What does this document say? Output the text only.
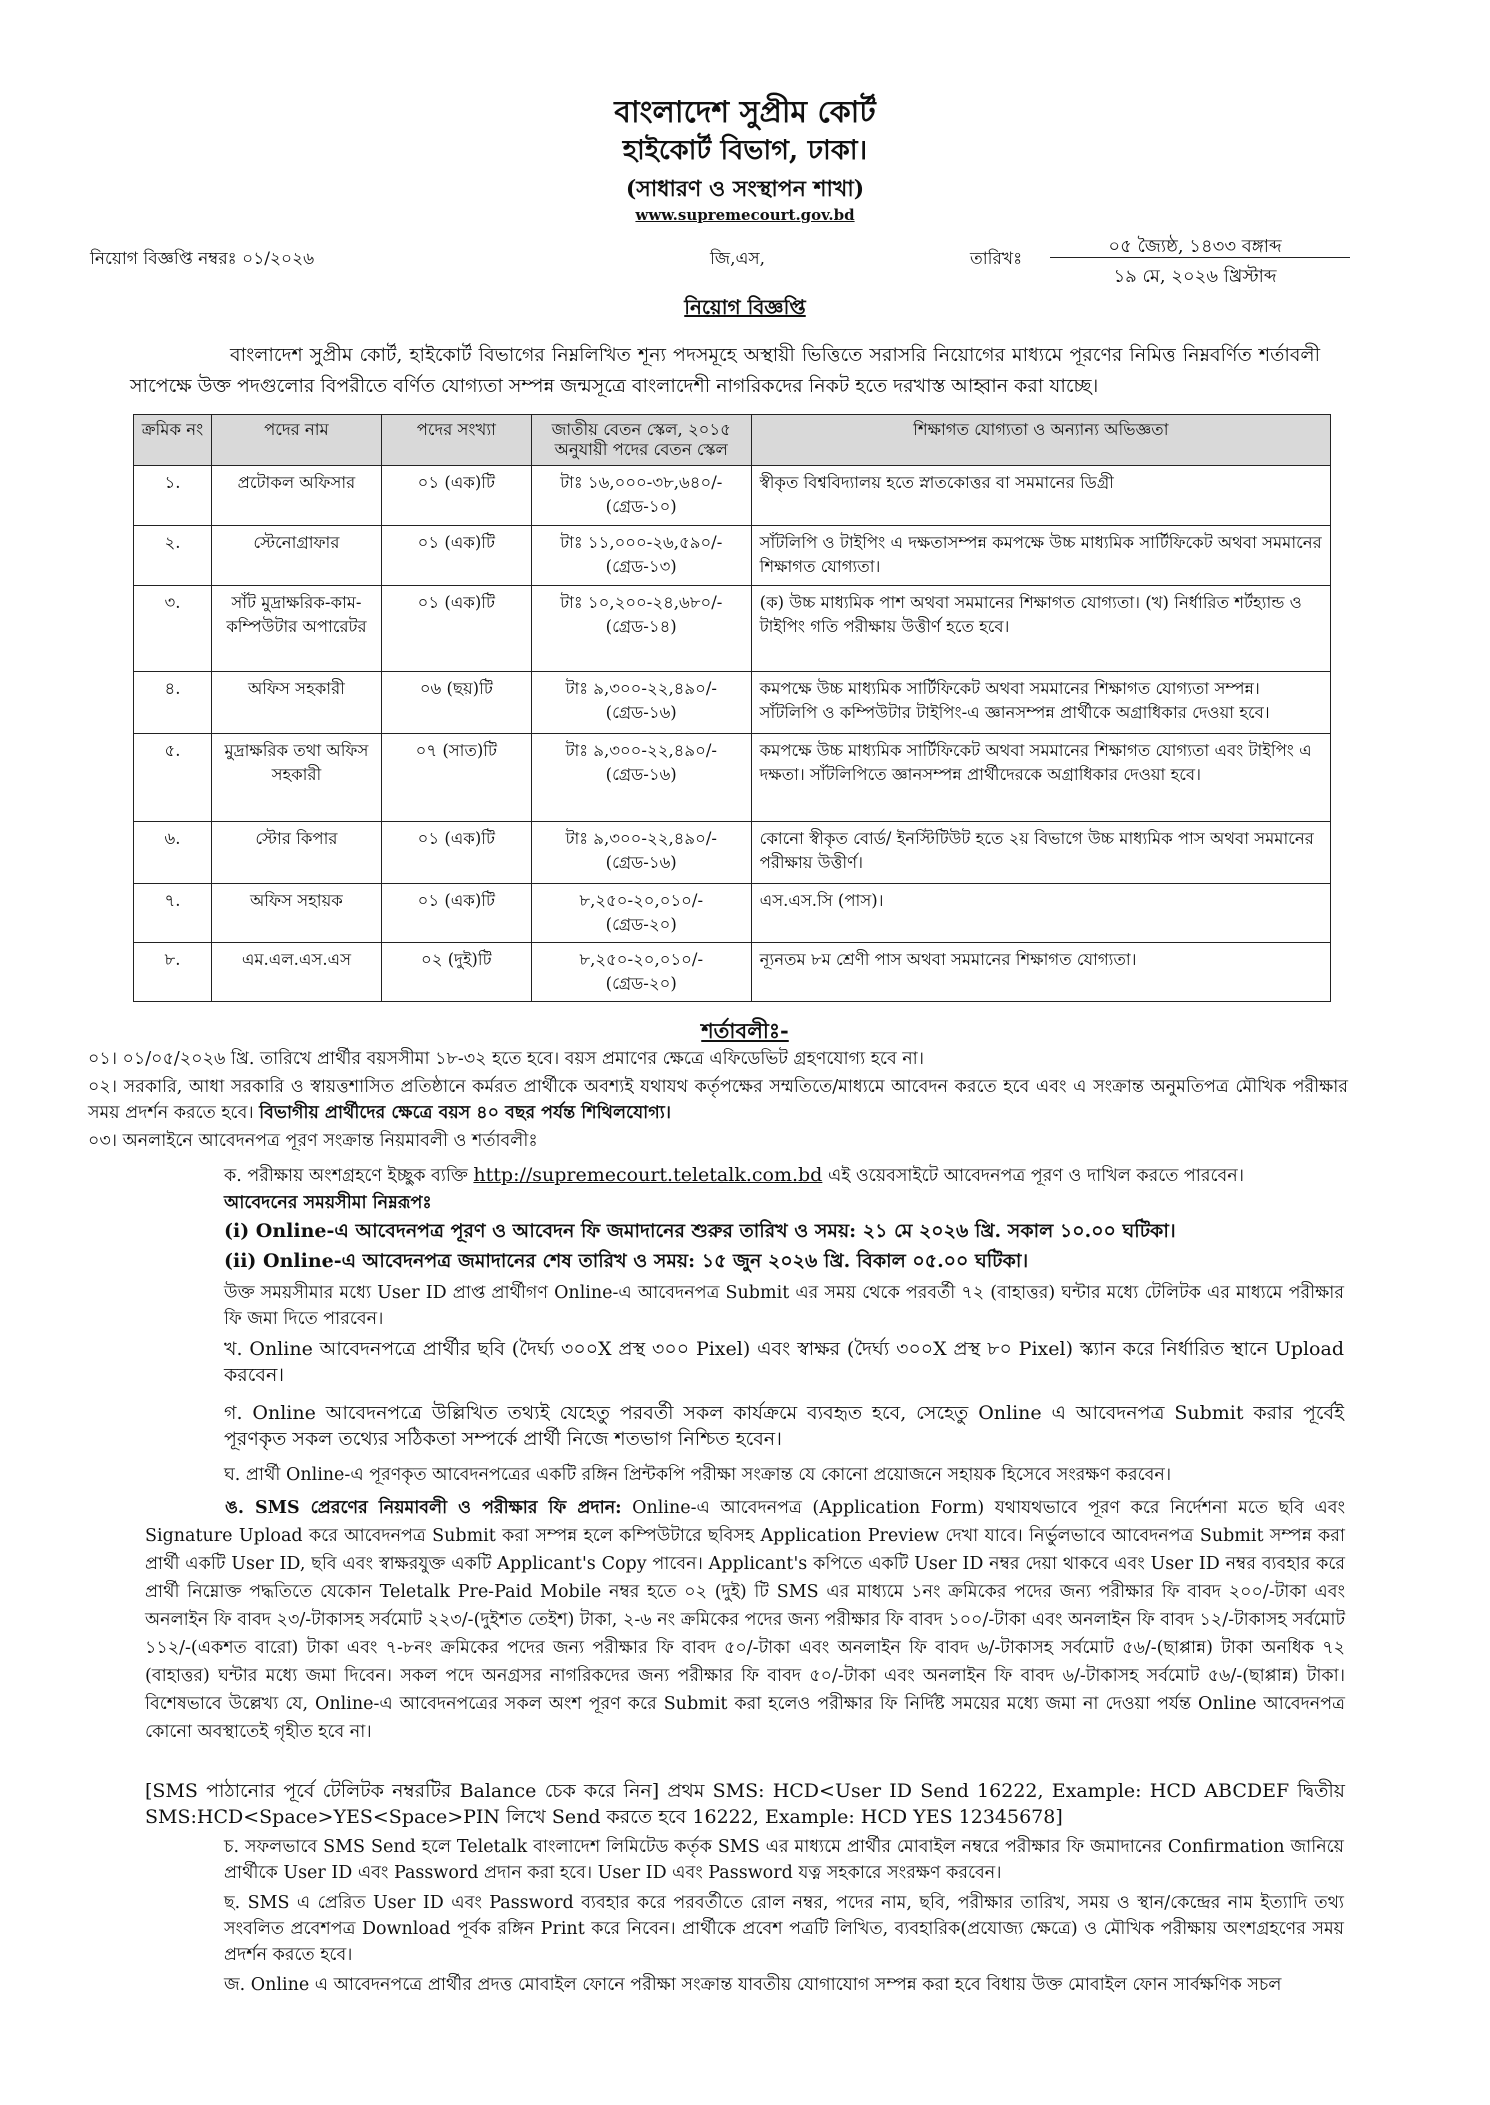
বাংলাদেশ সুপ্রীম কোর্ট
হাইকোর্ট বিভাগ, ঢাকা।
(সাধারণ ও সংস্থাপন শাখা)
www.supremecourt.gov.bd
নিয়োগ বিজ্ঞপ্তি নম্বরঃ ০১/২০২৬	জি,এস,	তারিখঃ
০৫ জ্যৈষ্ঠ, ১৪৩৩ বঙ্গাব্দ
১৯ মে, ২০২৬ খ্রিস্টাব্দ
নিয়োগ বিজ্ঞপ্তি
বাংলাদেশ সুপ্রীম কোর্ট, হাইকোর্ট বিভাগের নিম্নলিখিত শূন্য পদসমূহে অস্থায়ী ভিত্তিতে সরাসরি নিয়োগের মাধ্যমে পূরণের নিমিত্ত নিম্নবর্ণিত শর্তাবলী সাপেক্ষে উক্ত পদগুলোর বিপরীতে বর্ণিত যোগ্যতা সম্পন্ন জন্মসূত্রে বাংলাদেশী নাগরিকদের নিকট হতে দরখাস্ত আহ্বান করা যাচ্ছে।
ক্রমিক নং	পদের নাম	পদের সংখ্যা	জাতীয় বেতন স্কেল, ২০১৫
অনুযায়ী পদের বেতন স্কেল	শিক্ষাগত যোগ্যতা ও অন্যান্য অভিজ্ঞতা
১.	প্রটোকল অফিসার	০১ (এক)টি	টাঃ ১৬,০০০-৩৮,৬৪০/-
(গ্রেড-১০)	স্বীকৃত বিশ্ববিদ্যালয় হতে স্নাতকোত্তর বা সমমানের ডিগ্রী
২.	স্টেনোগ্রাফার	০১ (এক)টি	টাঃ ১১,০০০-২৬,৫৯০/-
(গ্রেড-১৩)	সাঁটলিপি ও টাইপিং এ দক্ষতাসম্পন্ন কমপক্ষে উচ্চ মাধ্যমিক সার্টিফিকেট অথবা সমমানের শিক্ষাগত যোগ্যতা।
৩.	সাঁট মুদ্রাক্ষরিক-কাম-কম্পিউটার অপারেটর	০১ (এক)টি	টাঃ ১০,২০০-২৪,৬৮০/-
(গ্রেড-১৪)	(ক) উচ্চ মাধ্যমিক পাশ অথবা সমমানের শিক্ষাগত যোগ্যতা। (খ) নির্ধারিত শর্টহ্যান্ড ও টাইপিং গতি পরীক্ষায় উত্তীর্ণ হতে হবে।
৪.	অফিস সহকারী	০৬ (ছয়)টি	টাঃ ৯,৩০০-২২,৪৯০/-
(গ্রেড-১৬)	কমপক্ষে উচ্চ মাধ্যমিক সার্টিফিকেট অথবা সমমানের শিক্ষাগত যোগ্যতা সম্পন্ন। সাঁটলিপি ও কম্পিউটার টাইপিং-এ জ্ঞানসম্পন্ন প্রার্থীকে অগ্রাধিকার দেওয়া হবে।
৫.	মুদ্রাক্ষরিক তথা অফিস সহকারী	০৭ (সাত)টি	টাঃ ৯,৩০০-২২,৪৯০/-
(গ্রেড-১৬)	কমপক্ষে উচ্চ মাধ্যমিক সার্টিফিকেট অথবা সমমানের শিক্ষাগত যোগ্যতা এবং টাইপিং এ দক্ষতা। সাঁটলিপিতে জ্ঞানসম্পন্ন প্রার্থীদেরকে অগ্রাধিকার দেওয়া হবে।
৬.	স্টোর কিপার	০১ (এক)টি	টাঃ ৯,৩০০-২২,৪৯০/-
(গ্রেড-১৬)	কোনো স্বীকৃত বোর্ড/ ইনস্টিটিউট হতে ২য় বিভাগে উচ্চ মাধ্যমিক পাস অথবা সমমানের পরীক্ষায় উত্তীর্ণ।
৭.	অফিস সহায়ক	০১ (এক)টি	৮,২৫০-২০,০১০/-
(গ্রেড-২০)	এস.এস.সি (পাস)।
৮.	এম.এল.এস.এস	০২ (দুই)টি	৮,২৫০-২০,০১০/-
(গ্রেড-২০)	ন্যূনতম ৮ম শ্রেণী পাস অথবা সমমানের শিক্ষাগত যোগ্যতা।
শর্তাবলীঃ-
০১। ০১/০৫/২০২৬ খ্রি. তারিখে প্রার্থীর বয়সসীমা ১৮-৩২ হতে হবে। বয়স প্রমাণের ক্ষেত্রে এফিডেভিট গ্রহণযোগ্য হবে না।
০২। সরকারি, আধা সরকারি ও স্বায়ত্তশাসিত প্রতিষ্ঠানে কর্মরত প্রার্থীকে অবশ্যই যথাযথ কর্তৃপক্ষের সম্মতিতে/মাধ্যমে আবেদন করতে হবে এবং এ সংক্রান্ত অনুমতিপত্র মৌখিক পরীক্ষার সময় প্রদর্শন করতে হবে। বিভাগীয় প্রার্থীদের ক্ষেত্রে বয়স ৪০ বছর পর্যন্ত শিথিলযোগ্য।
০৩। অনলাইনে আবেদনপত্র পূরণ সংক্রান্ত নিয়মাবলী ও শর্তাবলীঃ
ক. পরীক্ষায় অংশগ্রহণে ইচ্ছুক ব্যক্তি http://supremecourt.teletalk.com.bd এই ওয়েবসাইটে আবেদনপত্র পূরণ ও দাখিল করতে পারবেন।
আবেদনের সময়সীমা নিম্নরূপঃ
(i) Online-এ আবেদনপত্র পূরণ ও আবেদন ফি জমাদানের শুরুর তারিখ ও সময়: ২১ মে ২০২৬ খ্রি. সকাল ১০.০০ ঘটিকা।
(ii) Online-এ আবেদনপত্র জমাদানের শেষ তারিখ ও সময়: ১৫ জুন ২০২৬ খ্রি. বিকাল ০৫.০০ ঘটিকা।
উক্ত সময়সীমার মধ্যে User ID প্রাপ্ত প্রার্থীগণ Online-এ আবেদনপত্র Submit এর সময় থেকে পরবর্তী ৭২ (বাহাত্তর) ঘন্টার মধ্যে টেলিটক এর মাধ্যমে পরীক্ষার ফি জমা দিতে পারবেন।
খ. Online আবেদনপত্রে প্রার্থীর ছবি (দৈর্ঘ্য ৩০০X প্রস্থ ৩০০ Pixel) এবং স্বাক্ষর (দৈর্ঘ্য ৩০০X প্রস্থ ৮০ Pixel) স্ক্যান করে নির্ধারিত স্থানে Upload করবেন।
গ. Online আবেদনপত্রে উল্লিখিত তথ্যই যেহেতু পরবর্তী সকল কার্যক্রমে ব্যবহৃত হবে, সেহেতু Online এ আবেদনপত্র Submit করার পূর্বেই পূরণকৃত সকল তথ্যের সঠিকতা সম্পর্কে প্রার্থী নিজে শতভাগ নিশ্চিত হবেন।
ঘ. প্রার্থী Online-এ পূরণকৃত আবেদনপত্রের একটি রঙ্গিন প্রিন্টকপি পরীক্ষা সংক্রান্ত যে কোনো প্রয়োজনে সহায়ক হিসেবে সংরক্ষণ করবেন।
ঙ. SMS প্রেরণের নিয়মাবলী ও পরীক্ষার ফি প্রদান: Online-এ আবেদনপত্র (Application Form) যথাযথভাবে পূরণ করে নির্দেশনা মতে ছবি এবং Signature Upload করে আবেদনপত্র Submit করা সম্পন্ন হলে কম্পিউটারে ছবিসহ Application Preview দেখা যাবে। নির্ভুলভাবে আবেদনপত্র Submit সম্পন্ন করা প্রার্থী একটি User ID, ছবি এবং স্বাক্ষরযুক্ত একটি Applicant's Copy পাবেন। Applicant's কপিতে একটি User ID নম্বর দেয়া থাকবে এবং User ID নম্বর ব্যবহার করে প্রার্থী নিম্নোক্ত পদ্ধতিতে যেকোন Teletalk Pre-Paid Mobile নম্বর হতে ০২ (দুই) টি SMS এর মাধ্যমে ১নং ক্রমিকের পদের জন্য পরীক্ষার ফি বাবদ ২০০/-টাকা এবং অনলাইন ফি বাবদ ২৩/-টাকাসহ সর্বমোট ২২৩/-(দুইশত তেইশ) টাকা, ২-৬ নং ক্রমিকের পদের জন্য পরীক্ষার ফি বাবদ ১০০/-টাকা এবং অনলাইন ফি বাবদ ১২/-টাকাসহ সর্বমোট ১১২/-(একশত বারো) টাকা এবং ৭-৮নং ক্রমিকের পদের জন্য পরীক্ষার ফি বাবদ ৫০/-টাকা এবং অনলাইন ফি বাবদ ৬/-টাকাসহ সর্বমোট ৫৬/-(ছাপ্পান্ন) টাকা অনধিক ৭২ (বাহাত্তর) ঘন্টার মধ্যে জমা দিবেন। সকল পদে অনগ্রসর নাগরিকদের জন্য পরীক্ষার ফি বাবদ ৫০/-টাকা এবং অনলাইন ফি বাবদ ৬/-টাকাসহ সর্বমোট ৫৬/-(ছাপ্পান্ন) টাকা। বিশেষভাবে উল্লেখ্য যে, Online-এ আবেদনপত্রের সকল অংশ পূরণ করে Submit করা হলেও পরীক্ষার ফি নির্দিষ্ট সময়ের মধ্যে জমা না দেওয়া পর্যন্ত Online আবেদনপত্র কোনো অবস্থাতেই গৃহীত হবে না।
[SMS পাঠানোর পূর্বে টেলিটক নম্বরটির Balance চেক করে নিন] প্রথম SMS: HCD<User ID Send 16222, Example: HCD ABCDEF দ্বিতীয় SMS:HCD<Space>YES<Space>PIN লিখে Send করতে হবে 16222, Example: HCD YES 12345678]
চ. সফলভাবে SMS Send হলে Teletalk বাংলাদেশ লিমিটেড কর্তৃক SMS এর মাধ্যমে প্রার্থীর মোবাইল নম্বরে পরীক্ষার ফি জমাদানের Confirmation জানিয়ে প্রার্থীকে User ID এবং Password প্রদান করা হবে। User ID এবং Password যত্ন সহকারে সংরক্ষণ করবেন।
ছ. SMS এ প্রেরিত User ID এবং Password ব্যবহার করে পরবর্তীতে রোল নম্বর, পদের নাম, ছবি, পরীক্ষার তারিখ, সময় ও স্থান/কেন্দ্রের নাম ইত্যাদি তথ্য সংবলিত প্রবেশপত্র Download পূর্বক রঙ্গিন Print করে নিবেন। প্রার্থীকে প্রবেশ পত্রটি লিখিত, ব্যবহারিক(প্রযোজ্য ক্ষেত্রে) ও মৌখিক পরীক্ষায় অংশগ্রহণের সময় প্রদর্শন করতে হবে।
জ. Online এ আবেদনপত্রে প্রার্থীর প্রদত্ত মোবাইল ফোনে পরীক্ষা সংক্রান্ত যাবতীয় যোগাযোগ সম্পন্ন করা হবে বিধায় উক্ত মোবাইল ফোন সার্বক্ষণিক সচল
